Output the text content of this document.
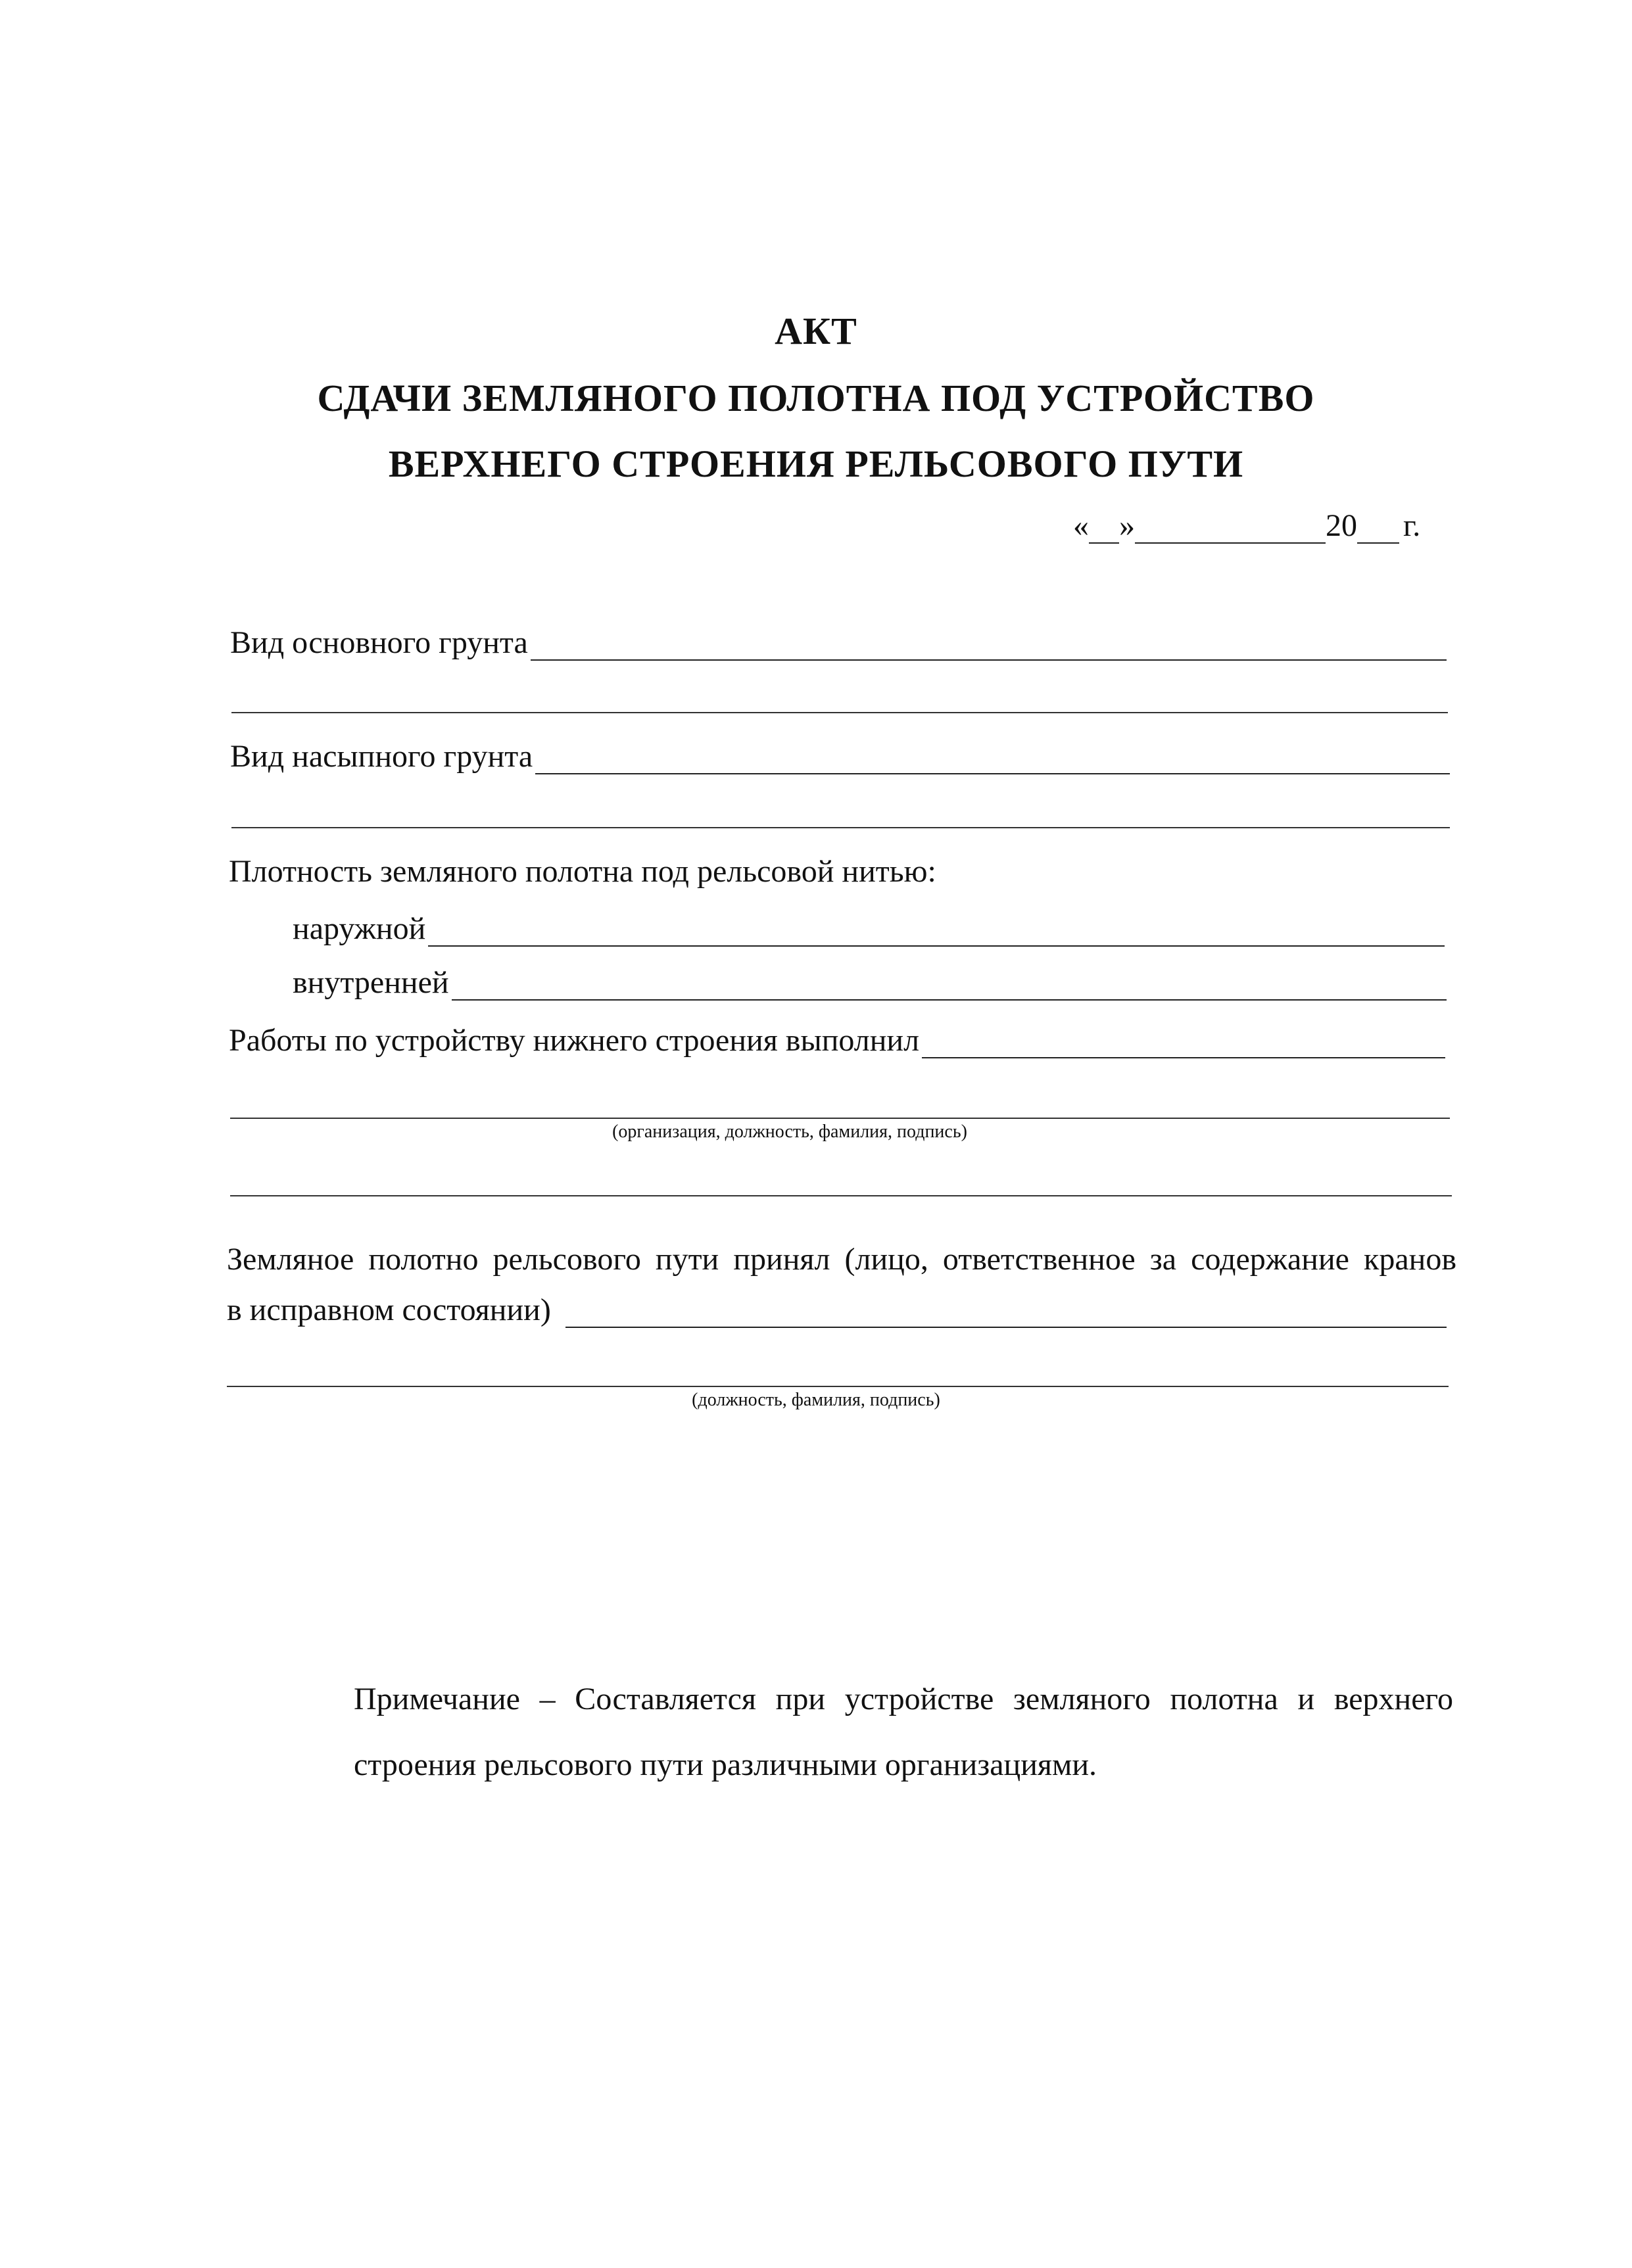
АКТ
СДАЧИ ЗЕМЛЯНОГО ПОЛОТНА ПОД УСТРОЙСТВО
ВЕРХНЕГО СТРОЕНИЯ РЕЛЬСОВОГО ПУТИ
« »	20 г.
Вид основного грунта
Вид насыпного грунта
Плотность земляного полотна под рельсовой нитью:
наружной
внутренней
Работы по устройству нижнего строения выполнил
(организация, должность, фамилия, подпись)
Земляное полотно рельсового пути принял (лицо, ответственное за содержание кранов
в исправном состоянии)
(должность, фамилия, подпись)
Примечание – Составляется при устройстве земляного полотна и верхнего строения рельсового пути различными организациями.
